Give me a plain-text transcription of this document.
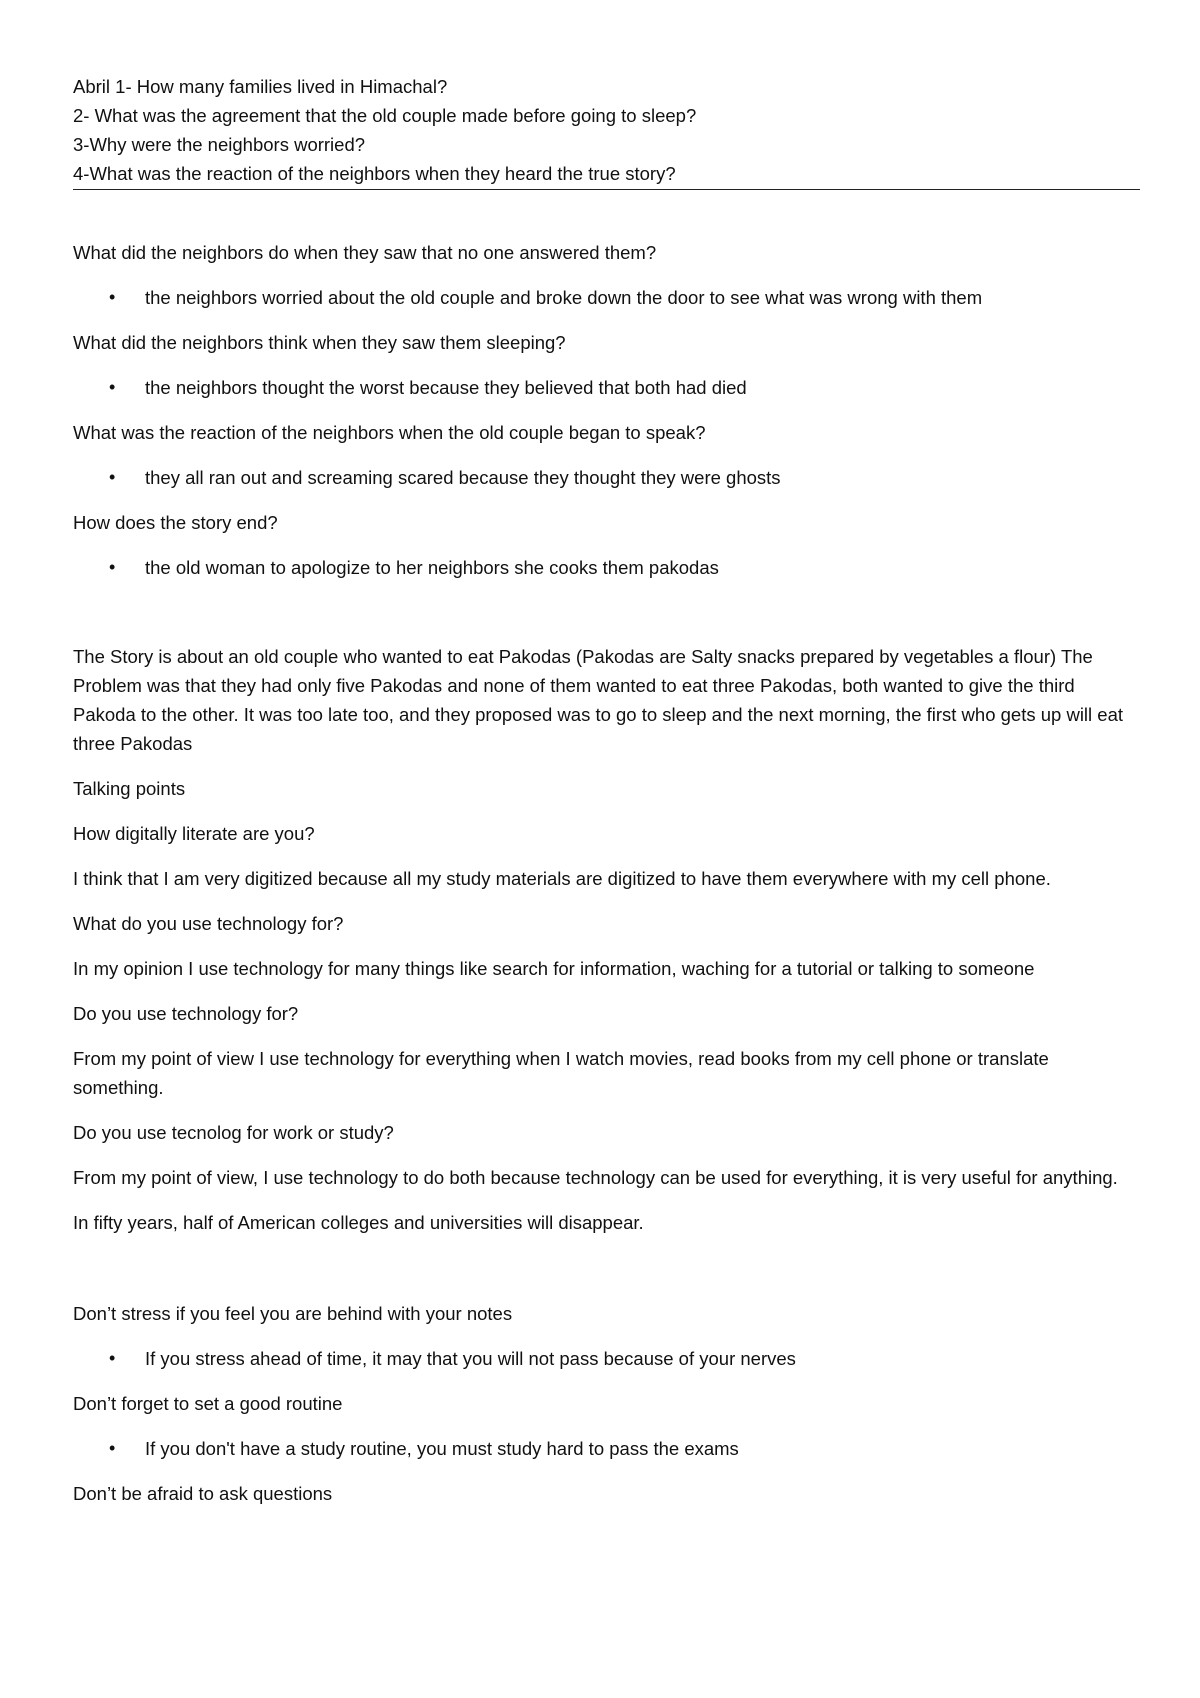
Abril 1- How many families lived in Himachal?
2- What was the agreement that the old couple made before going to sleep?
3-Why were the neighbors worried?
4-What was the reaction of the neighbors when they heard the true story?

What did the neighbors do when they saw that no one answered them?

• the neighbors worried about the old couple and broke down the door to see what was wrong with them

What did the neighbors think when they saw them sleeping?

• the neighbors thought the worst because they believed that both had died

What was the reaction of the neighbors when the old couple began to speak?

• they all ran out and screaming scared because they thought they were ghosts

How does the story end?

• the old woman to apologize to her neighbors she cooks them pakodas

The Story is about an old couple who wanted to eat Pakodas (Pakodas are Salty snacks prepared by vegetables a flour) The Problem was that they had only five Pakodas and none of them wanted to eat three Pakodas, both wanted to give the third Pakoda to the other. It was too late too, and they proposed was to go to sleep and the next morning, the first who gets up will eat three Pakodas

Talking points

How digitally literate are you?

I think that I am very digitized because all my study materials are digitized to have them everywhere with my cell phone.

What do you use technology for?

In my opinion I use technology for many things like search for information, waching for a tutorial or talking to someone

Do you use technology for?

From my point of view I use technology for everything when I watch movies, read books from my cell phone or translate something.

Do you use tecnolog for work or study?

From my point of view, I use technology to do both because technology can be used for everything, it is very useful for anything.

In fifty years, half of American colleges and universities will disappear.

Don’t stress if you feel you are behind with your notes

• If you stress ahead of time, it may that you will not pass because of your nerves

Don’t forget to set a good routine

• If you don't have a study routine, you must study hard to pass the exams

Don’t be afraid to ask questions
